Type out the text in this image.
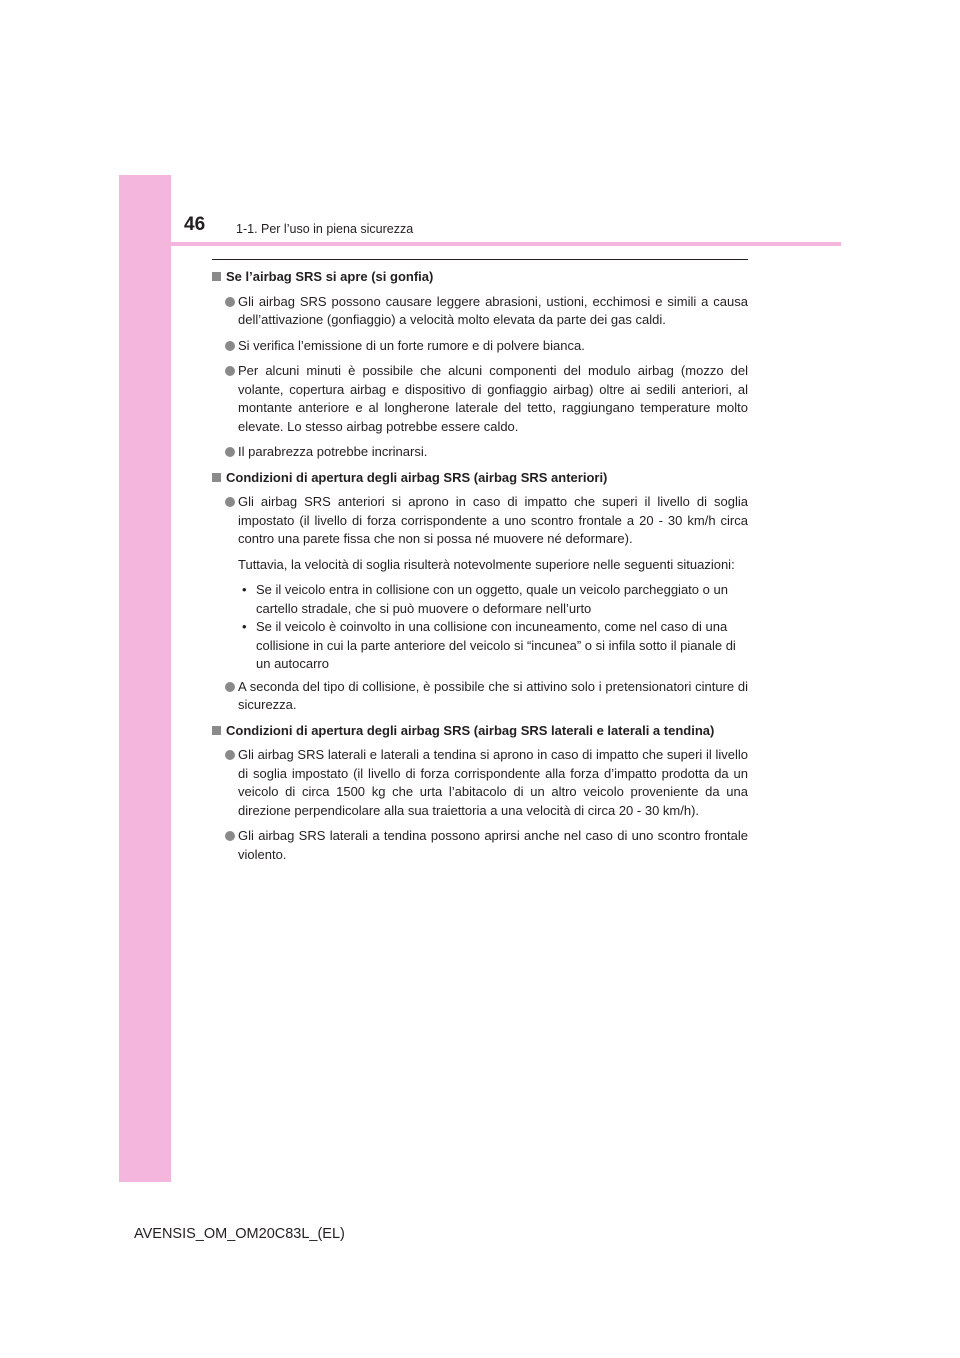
46 1-1. Per l’uso in piena sicurezza
Se l’airbag SRS si apre (si gonfia)
Gli airbag SRS possono causare leggere abrasioni, ustioni, ecchimosi e simili a causa dell’attivazione (gonfiaggio) a velocità molto elevata da parte dei gas caldi.
Si verifica l’emissione di un forte rumore e di polvere bianca.
Per alcuni minuti è possibile che alcuni componenti del modulo airbag (mozzo del volante, copertura airbag e dispositivo di gonfiaggio airbag) oltre ai sedili anteriori, al montante anteriore e al longherone laterale del tetto, raggiungano temperature molto elevate. Lo stesso airbag potrebbe essere caldo.
Il parabrezza potrebbe incrinarsi.
Condizioni di apertura degli airbag SRS (airbag SRS anteriori)
Gli airbag SRS anteriori si aprono in caso di impatto che superi il livello di soglia impostato (il livello di forza corrispondente a uno scontro frontale a 20 - 30 km/h circa contro una parete fissa che non si possa né muovere né deformare).
Tuttavia, la velocità di soglia risulterà notevolmente superiore nelle seguenti situazioni:
• Se il veicolo entra in collisione con un oggetto, quale un veicolo parcheggiato o un cartello stradale, che si può muovere o deformare nell’urto
• Se il veicolo è coinvolto in una collisione con incuneamento, come nel caso di una collisione in cui la parte anteriore del veicolo si “incunea” o si infila sotto il pianale di un autocarro
A seconda del tipo di collisione, è possibile che si attivino solo i pretensionatori cinture di sicurezza.
Condizioni di apertura degli airbag SRS (airbag SRS laterali e laterali a tendina)
Gli airbag SRS laterali e laterali a tendina si aprono in caso di impatto che superi il livello di soglia impostato (il livello di forza corrispondente alla forza d’impatto prodotta da un veicolo di circa 1500 kg che urta l’abitacolo di un altro veicolo proveniente da una direzione perpendicolare alla sua traiettoria a una velocità di circa 20 - 30 km/h).
Gli airbag SRS laterali a tendina possono aprirsi anche nel caso di uno scontro frontale violento.
AVENSIS_OM_OM20C83L_(EL)
